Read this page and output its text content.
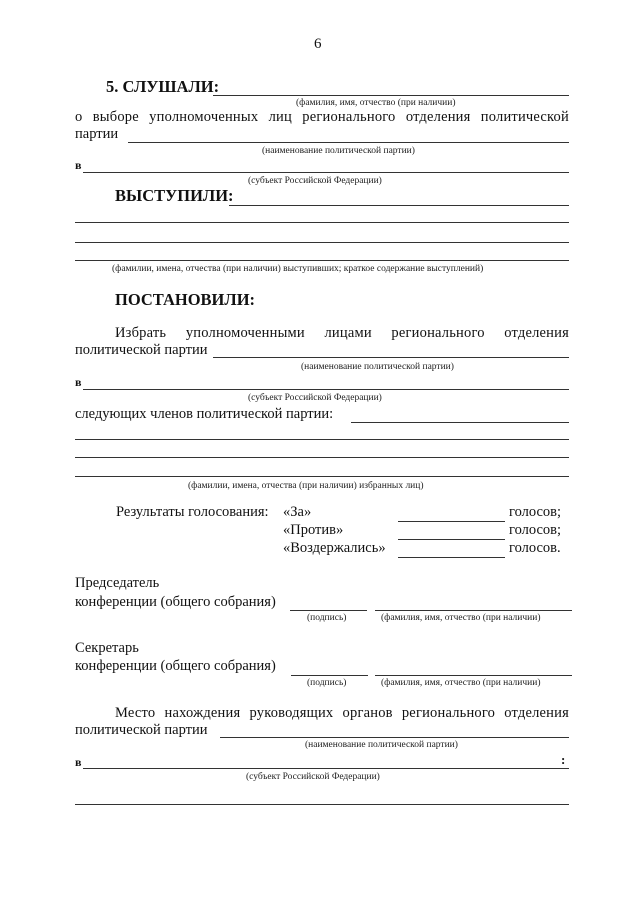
6
5. СЛУШАЛИ:
(фамилия, имя, отчество (при наличии)
о выборе уполномоченных лиц регионального отделения политической
партии
(наименование политической партии)
в
(субъект Российской Федерации)
ВЫСТУПИЛИ:
(фамилии, имена, отчества (при наличии) выступивших; краткое содержание выступлений)
ПОСТАНОВИЛИ:
Избрать уполномоченными лицами регионального отделения
политической партии
(наименование политической партии)
в
(субъект Российской Федерации)
следующих членов политической партии:
(фамилии, имена, отчества (при наличии) избранных лиц)
Результаты голосования: «За»	голосов;
«Против»	голосов;
«Воздержались»	голосов.
Председатель
конференции (общего собрания)
(подпись)	(фамилия, имя, отчество (при наличии)
Секретарь
конференции (общего собрания)
(подпись)	(фамилия, имя, отчество (при наличии)
Место нахождения руководящих органов регионального отделения
политической партии
(наименование политической партии)
в	:
(субъект Российской Федерации)
